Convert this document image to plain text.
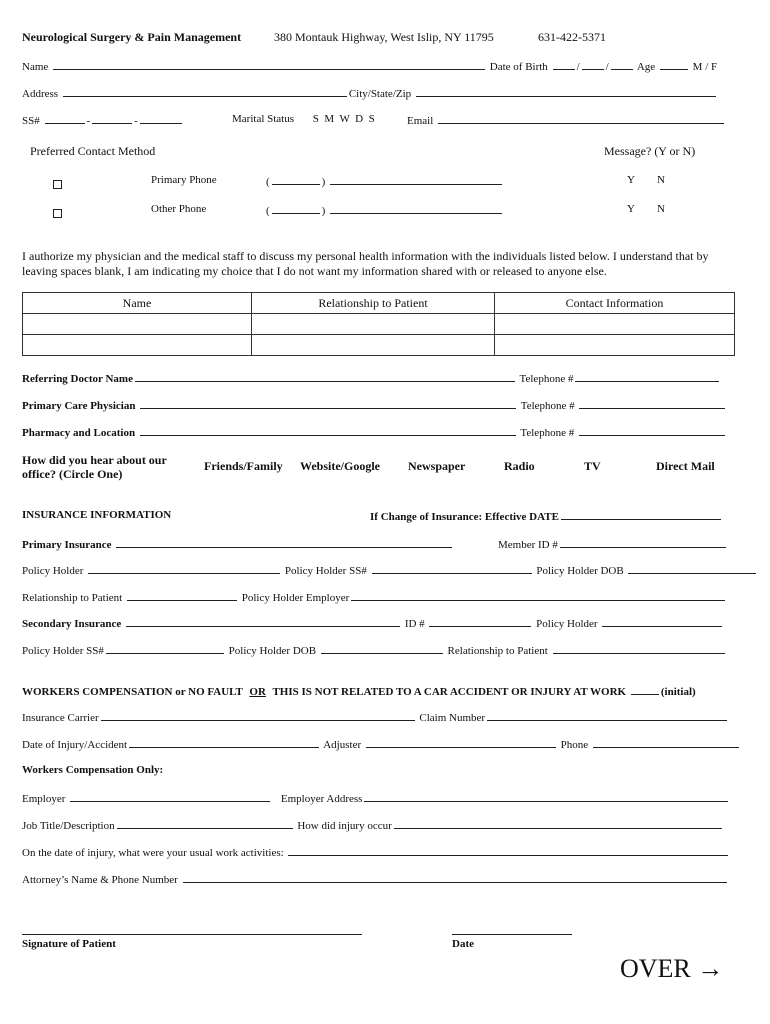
Neurological Surgery & Pain Management	380 Montauk Highway, West Islip, NY 11795	631-422-5371
Name	Date of Birth	/ /	Age	M / F
Address	City/State/Zip
SS#	-	-	Marital Status S  M  W  D  S	Email
Preferred Contact Method	Message? (Y or N)
Primary Phone	(	)	Y N
Other Phone	(	)	Y N
I authorize my physician and the medical staff to discuss my personal health information with the individuals listed below. I understand that by leaving spaces blank, I am indicating my choice that I do not want my information shared with or released to anyone else.
Name	Relationship to Patient	Contact Information

Referring Doctor Name	Telephone #
Primary Care Physician	Telephone #
Pharmacy and Location	Telephone #
How did you hear about our office? (Circle One)
Friends/Family Website/Google Newspaper	Radio	TV	Direct Mail
INSURANCE INFORMATION	If Change of Insurance: Effective DATE
Primary Insurance	Member ID #
Policy Holder	Policy Holder SS#	Policy Holder DOB
Relationship to Patient	Policy Holder Employer
Secondary Insurance	ID #	Policy Holder
Policy Holder SS#	Policy Holder DOB	Relationship to Patient
WORKERS COMPENSATION or NO FAULT OR THIS IS NOT RELATED TO A CAR ACCIDENT OR INJURY AT WORK	(initial)
Insurance Carrier	Claim Number
Date of Injury/Accident	Adjuster	Phone
Workers Compensation Only:
Employer	Employer Address
Job Title/Description	How did injury occur
On the date of injury, what were your usual work activities:
Attorney’s Name & Phone Number
Signature of Patient	Date
OVER →
